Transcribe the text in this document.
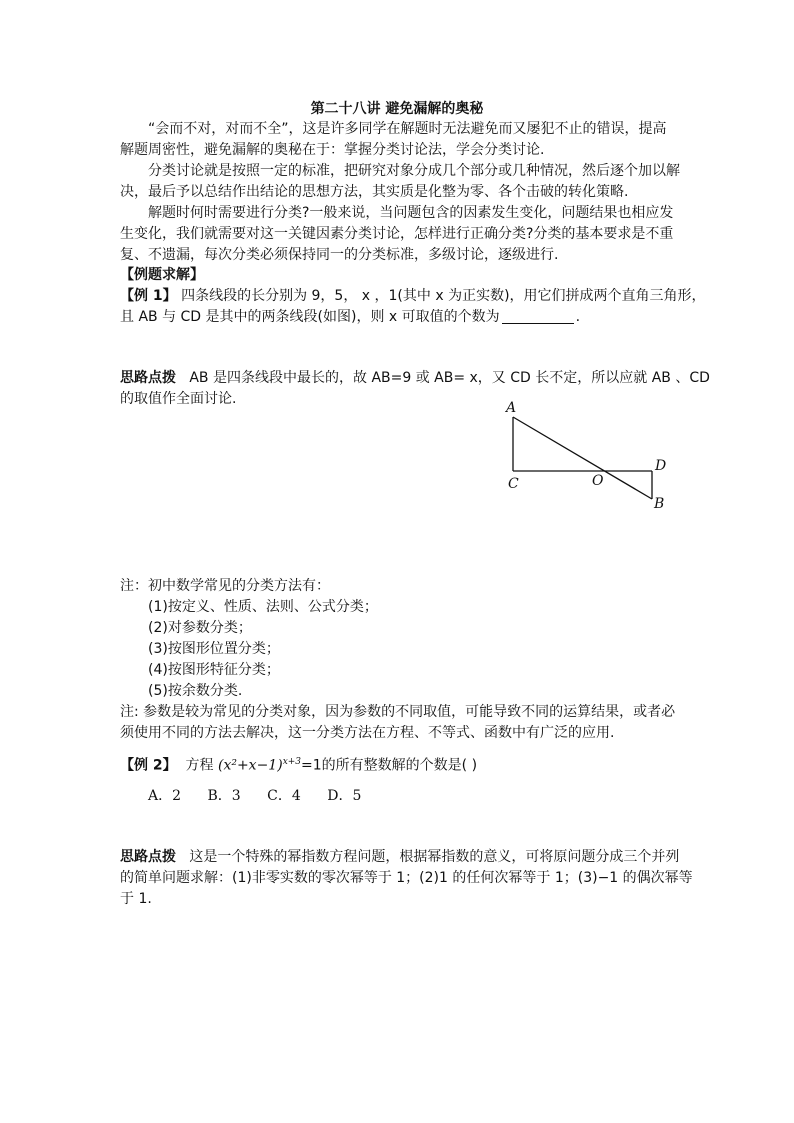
第二十八讲 避免漏解的奥秘
“会而不对，对而不全”，这是许多同学在解题时无法避免而又屡犯不止的错误，提高
解题周密性，避免漏解的奥秘在于：掌握分类讨论法，学会分类讨论.
分类讨论就是按照一定的标准，把研究对象分成几个部分或几种情况，然后逐个加以解
决，最后予以总结作出结论的思想方法，其实质是化整为零、各个击破的转化策略.
解题时何时需要进行分类?一般来说，当问题包含的因素发生变化，问题结果也相应发
生变化，我们就需要对这一关键因素分类讨论，怎样进行正确分类?分类的基本要求是不重
复、不遗漏，每次分类必须保持同一的分类标准，多级讨论，逐级进行.
【例题求解】
【例 1】 四条线段的长分别为 9，5， x ，1(其中 x 为正实数)，用它们拼成两个直角三角形，
且 AB 与 CD 是其中的两条线段(如图)，则 x 可取值的个数为	.
思路点拨 AB 是四条线段中最长的，故 AB=9 或 AB= x，又 CD 长不定，所以应就 AB 、CD
的取值作全面讨论.
A
C	O
D
B
注：初中数学常见的分类方法有：
(1)按定义、性质、法则、公式分类；
(2)对参数分类；
(3)按图形位置分类；
(4)按图形特征分类；
(5)按余数分类.
注: 参数是较为常见的分类对象，因为参数的不同取值，可能导致不同的运算结果，或者必
须使用不同的方法去解决，这一分类方法在方程、不等式、函数中有广泛的应用.
【例 2】 方程 $(x^2+x-1)^{x+3}=1$的所有整数解的个数是( )
A．2 B．3 C．4 D．5
思路点拨 这是一个特殊的幂指数方程问题，根据幂指数的意义，可将原问题分成三个并列
的简单问题求解：(1)非零实数的零次幂等于 1；(2)1 的任何次幂等于 1；(3)−1 的偶次幂等
于 1.
